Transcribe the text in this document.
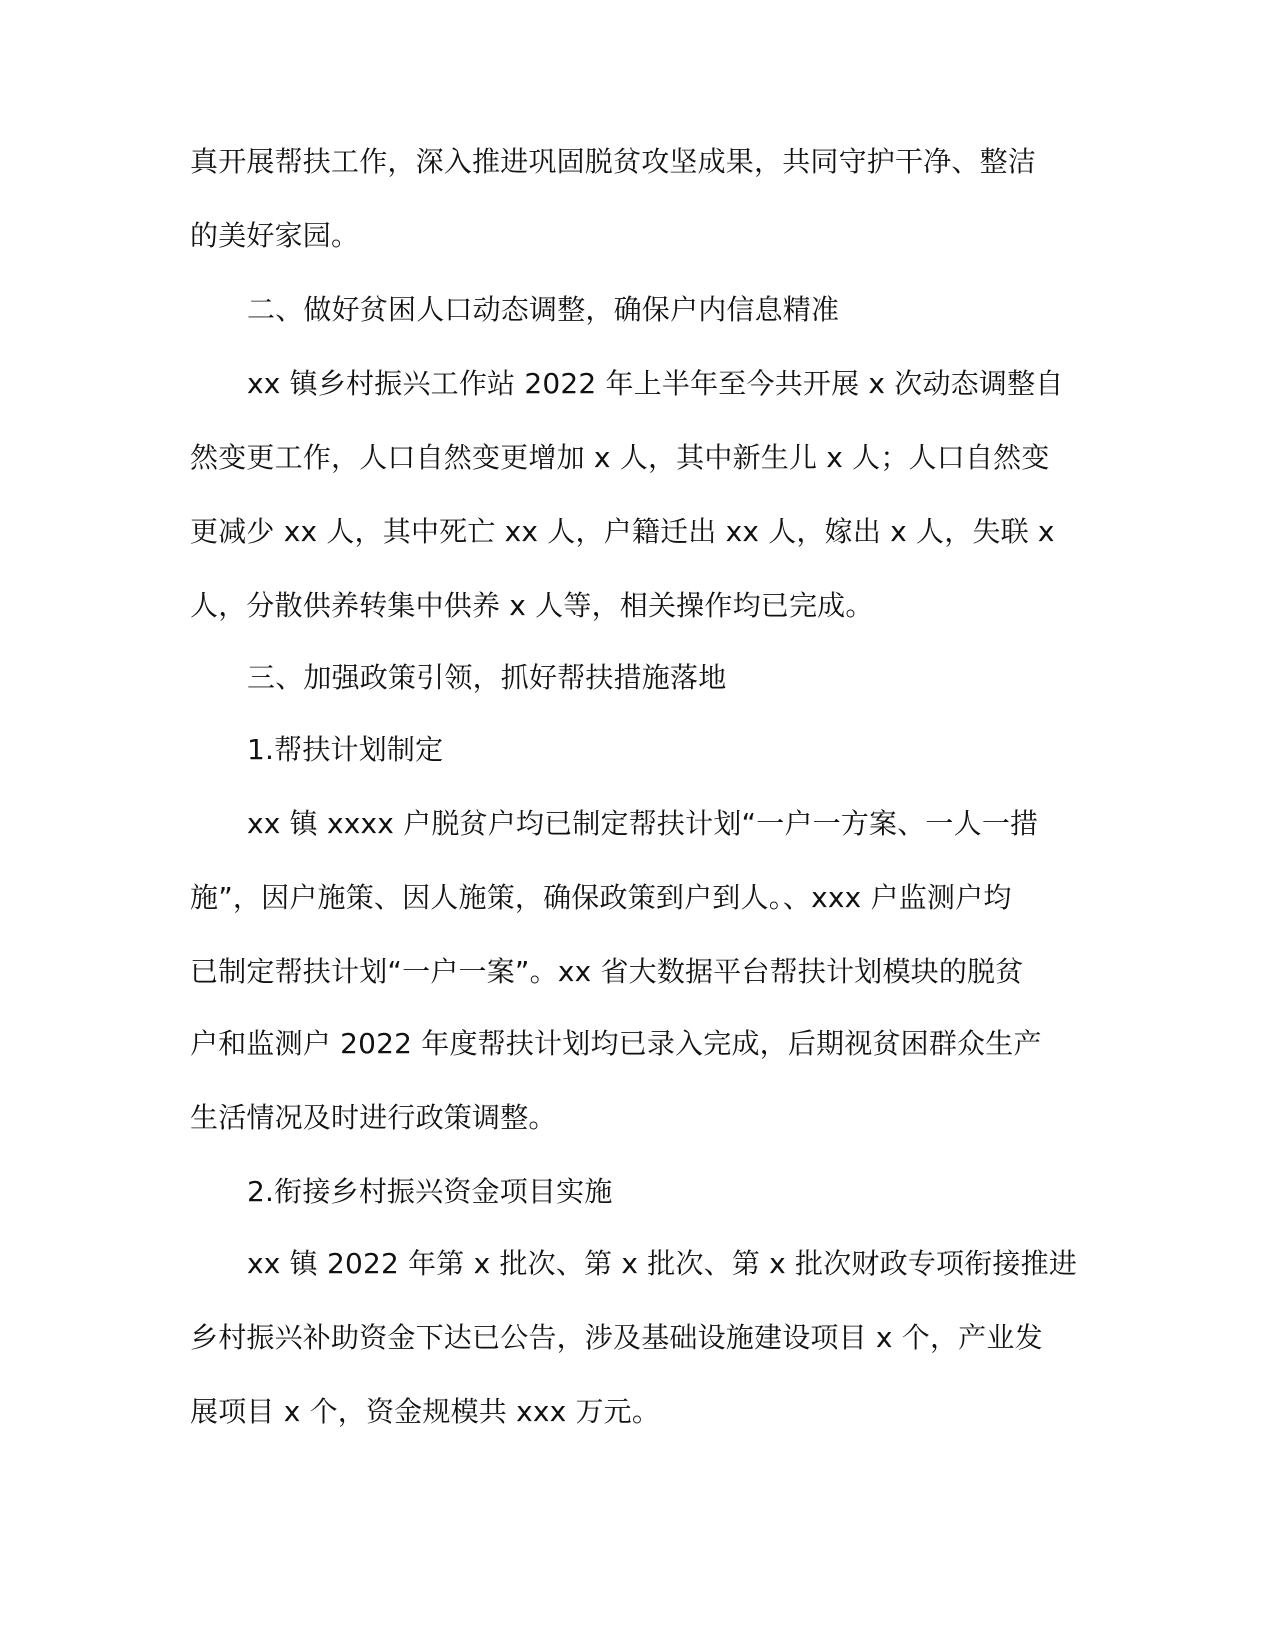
真开展帮扶工作，深入推进巩固脱贫攻坚成果，共同守护干净、整洁
的美好家园。
二、做好贫困人口动态调整，确保户内信息精准
xx 镇乡村振兴工作站 2022 年上半年至今共开展 x 次动态调整自
然变更工作，人口自然变更增加 x 人，其中新生儿 x 人；人口自然变
更减少 xx 人，其中死亡 xx 人，户籍迁出 xx 人，嫁出 x 人，失联 x
人，分散供养转集中供养 x 人等，相关操作均已完成。
三、加强政策引领，抓好帮扶措施落地
1.帮扶计划制定
xx 镇 xxxx 户脱贫户均已制定帮扶计划“一户一方案、一人一措
施”，因户施策、因人施策，确保政策到户到人。、xxx 户监测户均
已制定帮扶计划“一户一案”。xx 省大数据平台帮扶计划模块的脱贫
户和监测户 2022 年度帮扶计划均已录入完成，后期视贫困群众生产
生活情况及时进行政策调整。
2.衔接乡村振兴资金项目实施
xx 镇 2022 年第 x 批次、第 x 批次、第 x 批次财政专项衔接推进
乡村振兴补助资金下达已公告，涉及基础设施建设项目 x 个，产业发
展项目 x 个，资金规模共 xxx 万元。
